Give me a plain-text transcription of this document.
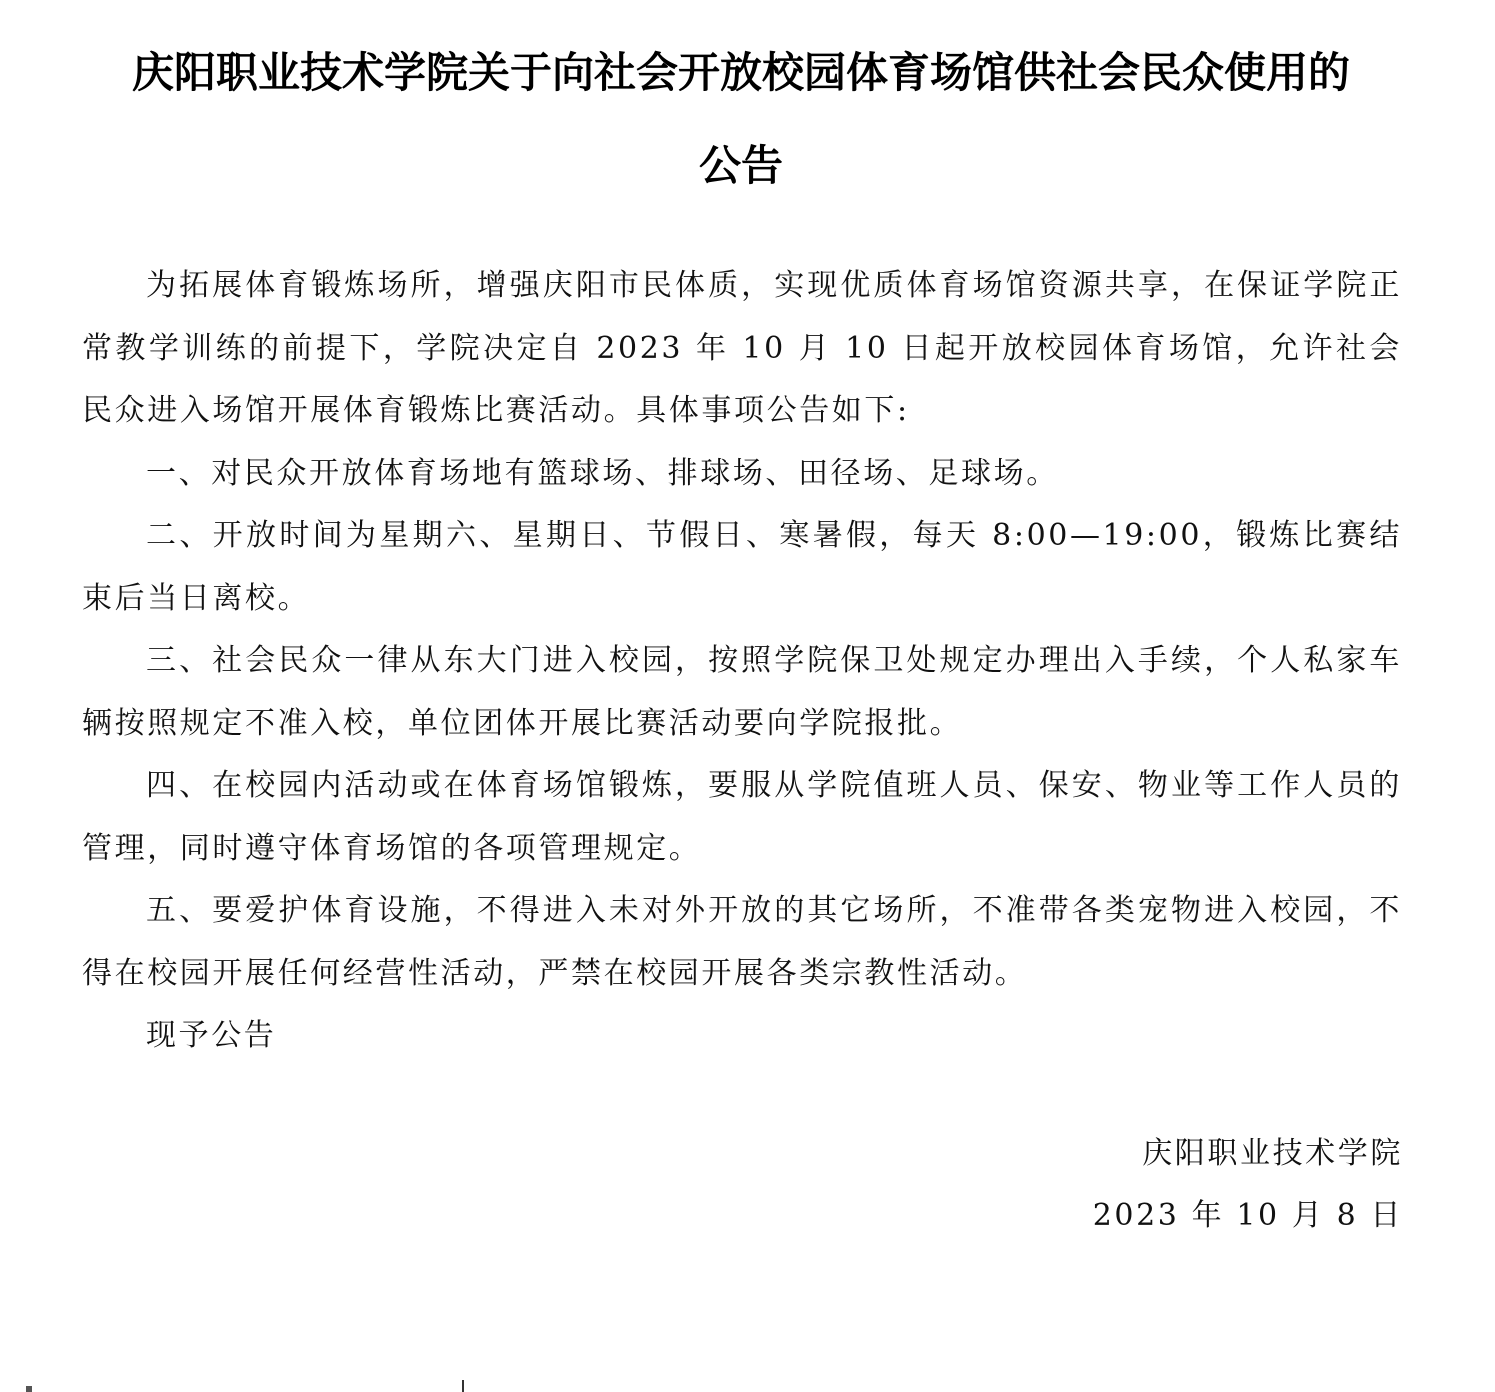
庆阳职业技术学院关于向社会开放校园体育场馆供社会民众使用的
公告

为拓展体育锻炼场所，增强庆阳市民体质，实现优质体育场馆资源共享，在保证学院正常教学训练的前提下，学院决定自 2023 年 10 月 10 日起开放校园体育场馆，允许社会民众进入场馆开展体育锻炼比赛活动。具体事项公告如下:

一、对民众开放体育场地有篮球场、排球场、田径场、足球场。

二、开放时间为星期六、星期日、节假日、寒暑假，每天 8:00—19:00，锻炼比赛结束后当日离校。

三、社会民众一律从东大门进入校园，按照学院保卫处规定办理出入手续，个人私家车辆按照规定不准入校，单位团体开展比赛活动要向学院报批。

四、在校园内活动或在体育场馆锻炼，要服从学院值班人员、保安、物业等工作人员的管理，同时遵守体育场馆的各项管理规定。

五、要爱护体育设施，不得进入未对外开放的其它场所，不准带各类宠物进入校园，不得在校园开展任何经营性活动，严禁在校园开展各类宗教性活动。

现予公告

庆阳职业技术学院
2023 年 10 月 8 日
